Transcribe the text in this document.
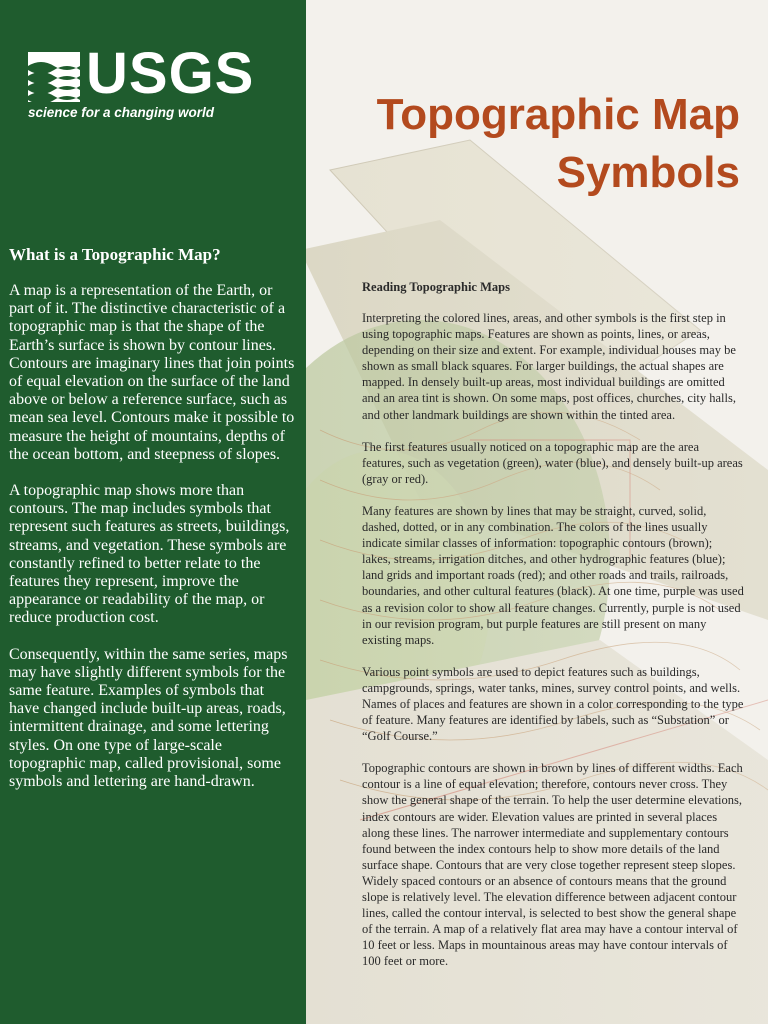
USGS
science for a changing world
What is a Topographic Map?

A map is a representation of the Earth, or part of it. The distinctive characteristic of a topographic map is that the shape of the Earth’s surface is shown by contour lines. Contours are imaginary lines that join points of equal elevation on the surface of the land above or below a reference surface, such as mean sea level. Contours make it possible to measure the height of mountains, depths of the ocean bottom, and steepness of slopes.

A topographic map shows more than contours. The map includes symbols that represent such features as streets, buildings, streams, and vegetation. These symbols are constantly refined to better relate to the features they represent, improve the appearance or readability of the map, or reduce production cost.

Consequently, within the same series, maps may have slightly different symbols for the same feature. Examples of symbols that have changed include built-up areas, roads, intermittent drainage, and some lettering styles. On one type of large-scale topographic map, called provisional, some symbols and lettering are hand-drawn.

Topographic Map
Symbols
Reading Topographic Maps

Interpreting the colored lines, areas, and other symbols is the first step in using topographic maps. Features are shown as points, lines, or areas, depending on their size and extent. For example, individual houses may be shown as small black squares. For larger buildings, the actual shapes are mapped. In densely built-up areas, most individual buildings are omitted and an area tint is shown. On some maps, post offices, churches, city halls, and other landmark buildings are shown within the tinted area.

The first features usually noticed on a topographic map are the area features, such as vegetation (green), water (blue), and densely built-up areas (gray or red).

Many features are shown by lines that may be straight, curved, solid, dashed, dotted, or in any combination. The colors of the lines usually indicate similar classes of information: topographic contours (brown); lakes, streams, irrigation ditches, and other hydrographic features (blue); land grids and important roads (red); and other roads and trails, railroads, boundaries, and other cultural features (black). At one time, purple was used as a revision color to show all feature changes. Currently, purple is not used in our revision program, but purple features are still present on many existing maps.

Various point symbols are used to depict features such as buildings, campgrounds, springs, water tanks, mines, survey control points, and wells. Names of places and features are shown in a color corresponding to the type of feature. Many features are identified by labels, such as “Substation” or “Golf Course.”

Topographic contours are shown in brown by lines of different widths. Each contour is a line of equal elevation; therefore, contours never cross. They show the general shape of the terrain. To help the user determine elevations, index contours are wider. Elevation values are printed in several places along these lines. The narrower intermediate and supplementary contours found between the index contours help to show more details of the land surface shape. Contours that are very close together represent steep slopes. Widely spaced contours or an absence of contours means that the ground slope is relatively level. The elevation difference between adjacent contour lines, called the contour interval, is selected to best show the general shape of the terrain. A map of a relatively flat area may have a contour interval of 10 feet or less. Maps in mountainous areas may have contour intervals of 100 feet or more.
